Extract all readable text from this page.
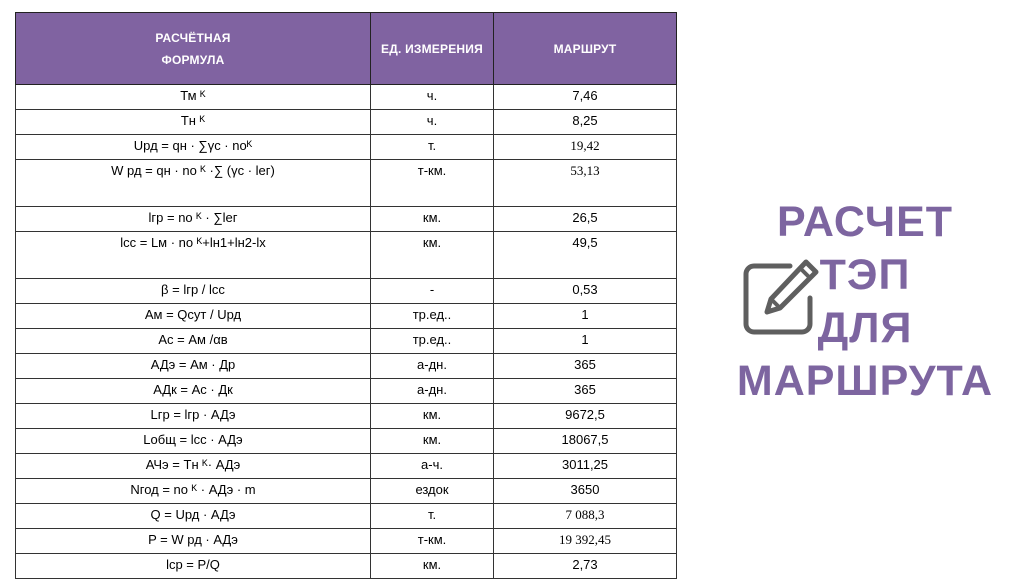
РАСЧЁТНАЯ
ФОРМУЛА	ЕД. ИЗМЕРЕНИЯ	МАРШРУТ
Тм ᴷ	ч.	7,46
Тн ᴷ	ч.	8,25
Uрд = qн · ∑γс · nоᴷ	т.	19,42
W рд = qн · nо ᴷ ·∑ (γс · lег)	т-км.	53,13
lгр = nо ᴷ · ∑lег	км.	26,5
lсс = Lм · nо ᴷ+lн1+lн2-lх	км.	49,5
β = lгр / lсс	-	0,53
Ам = Qсут / Uрд	тр.ед..	1
Ас = Ам /αв	тр.ед..	1
АДэ = Ам · Др	а-дн.	365
АДк = Ас · Дк	а-дн.	365
Lгр = lгр · АДэ	км.	9672,5
Lобщ = lсс · АДэ	км.	18067,5
АЧэ = Тн ᴷ· АДэ	а-ч.	3011,25
Nгод = nо ᴷ · АДэ · m	ездок	3650
Q = Uрд · АДэ	т.	7 088,3
P = W рд · АДэ	т-км.	19 392,45
lср = P/Q	км.	2,73
РАСЧЕТ
ТЭП
ДЛЯ
МАРШРУТА
